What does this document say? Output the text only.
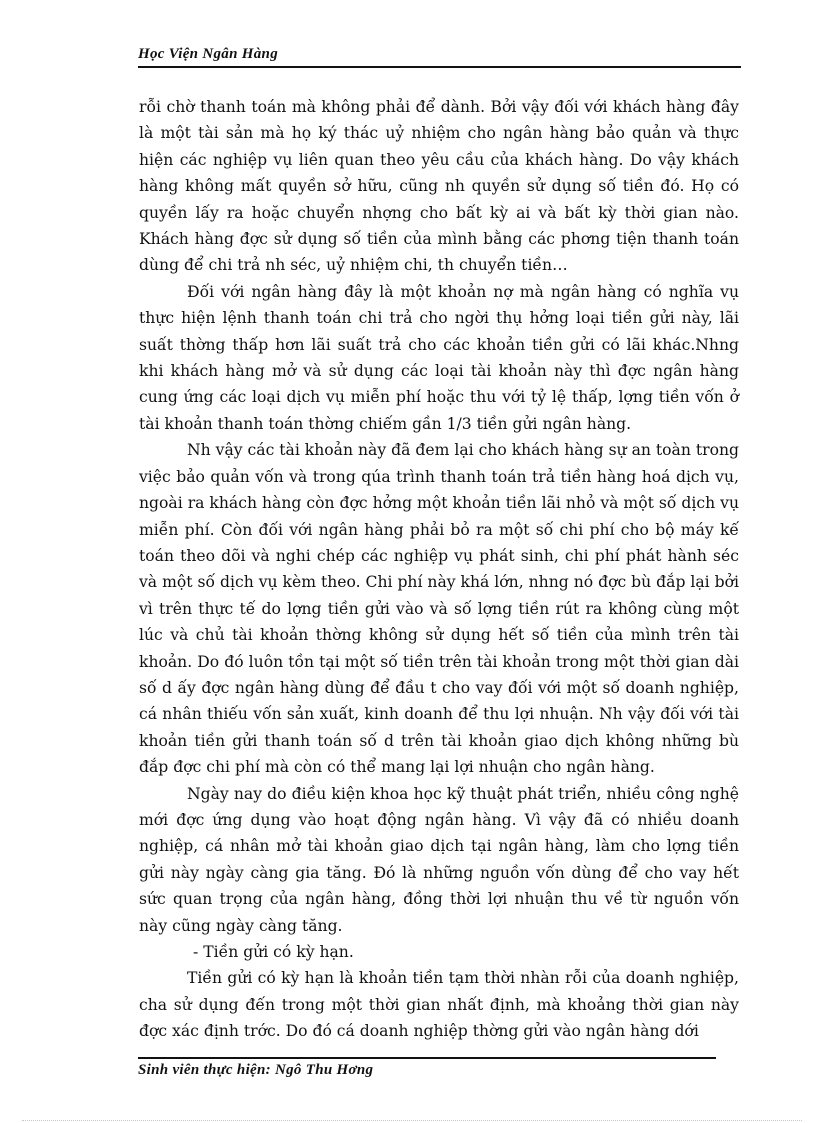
Học Viện Ngân Hàng

rỗi chờ thanh toán mà không phải để dành. Bởi vậy đối với khách hàng đây là một tài sản mà họ ký thác uỷ nhiệm cho ngân hàng bảo quản và thực hiện các nghiệp vụ liên quan theo yêu cầu của khách hàng. Do vậy khách hàng không mất quyền sở hữu, cũng nh quyền sử dụng số tiền đó. Họ có quyền lấy ra hoặc chuyển nhợng cho bất kỳ ai và bất kỳ thời gian nào. Khách hàng đợc sử dụng số tiền của mình bằng các phơng tiện thanh toán dùng để chi trả nh séc, uỷ nhiệm chi, th chuyển tiền…

Đối với ngân hàng đây là một khoản nợ mà ngân hàng có nghĩa vụ thực hiện lệnh thanh toán chi trả cho ngời thụ hởng loại tiền gửi này, lãi suất thờng thấp hơn lãi suất trả cho các khoản tiền gửi có lãi khác.Nhng khi khách hàng mở và sử dụng các loại tài khoản này thì đợc ngân hàng cung ứng các loại dịch vụ miễn phí hoặc thu với tỷ lệ thấp, lợng tiền vốn ở tài khoản thanh toán thờng chiếm gần 1/3 tiền gửi ngân hàng.

Nh vậy các tài khoản này đã đem lại cho khách hàng sự an toàn trong việc bảo quản vốn và trong qúa trình thanh toán trả tiền hàng hoá dịch vụ, ngoài ra khách hàng còn đợc hởng một khoản tiền lãi nhỏ và một số dịch vụ miễn phí. Còn đối với ngân hàng phải bỏ ra một số chi phí cho bộ máy kế toán theo dõi và nghi chép các nghiệp vụ phát sinh, chi phí phát hành séc và một số dịch vụ kèm theo. Chi phí này khá lớn, nhng nó đợc bù đắp lại bởi vì trên thực tế do lợng tiền gửi vào và số lợng tiền rút ra không cùng một lúc và chủ tài khoản thờng không sử dụng hết số tiền của mình trên tài khoản. Do đó luôn tồn tại một số tiền trên tài khoản trong một thời gian dài số d ấy đợc ngân hàng dùng để đầu t cho vay đối với một số doanh nghiệp, cá nhân thiếu vốn sản xuất, kinh doanh để thu lợi nhuận. Nh vậy đối với tài khoản tiền gửi thanh toán số d trên tài khoản giao dịch không những bù đắp đợc chi phí mà còn có thể mang lại lợi nhuận cho ngân hàng.

Ngày nay do điều kiện khoa học kỹ thuật phát triển, nhiều công nghệ mới đợc ứng dụng vào hoạt động ngân hàng. Vì vậy đã có nhiều doanh nghiệp, cá nhân mở tài khoản giao dịch tại ngân hàng, làm cho lợng tiền gửi này ngày càng gia tăng. Đó là những nguồn vốn dùng để cho vay hết sức quan trọng của ngân hàng, đồng thời lợi nhuận thu về từ nguồn vốn này cũng ngày càng tăng.

- Tiền gửi có kỳ hạn.

Tiền gửi có kỳ hạn là khoản tiền tạm thời nhàn rỗi của doanh nghiệp, cha sử dụng đến trong một thời gian nhất định, mà khoảng thời gian này đợc xác định trớc. Do đó cá doanh nghiệp thờng gửi vào ngân hàng dới

Sinh viên thực hiện: Ngô Thu Hơng
